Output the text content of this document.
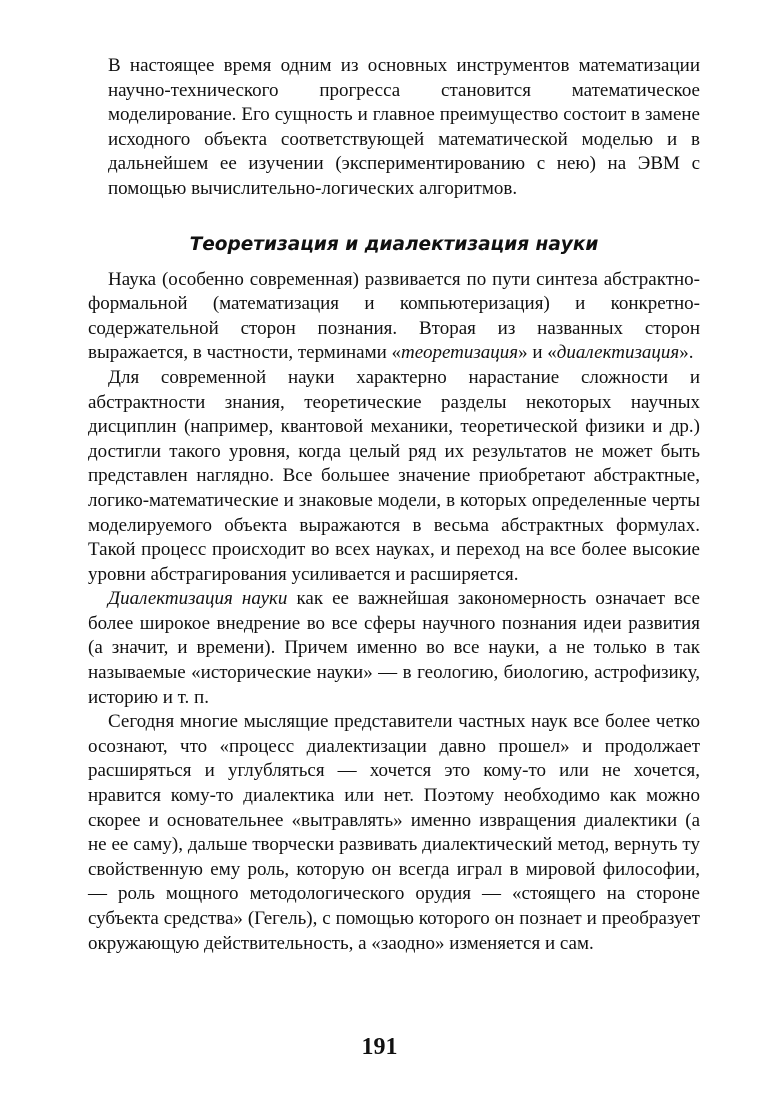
В настоящее время одним из основных инструментов математизации научно-технического прогресса становится математическое моделирование. Его сущность и главное преимущество состоит в замене исходного объекта соответствующей математической моделью и в дальнейшем ее изучении (экспериментированию с нею) на ЭВМ с помощью вычислительно-логических алгоритмов.

Теоретизация и диалектизация науки

Наука (особенно современная) развивается по пути синтеза абстрактно-формальной (математизация и компьютеризация) и конкретно-содержательной сторон познания. Вторая из названных сторон выражается, в частности, терминами «теоретизация» и «диалектизация».

Для современной науки характерно нарастание сложности и абстрактности знания, теоретические разделы некоторых научных дисциплин (например, квантовой механики, теоретической физики и др.) достигли такого уровня, когда целый ряд их результатов не может быть представлен наглядно. Все большее значение приобретают абстрактные, логико-математические и знаковые модели, в которых определенные черты моделируемого объекта выражаются в весьма абстрактных формулах. Такой процесс происходит во всех науках, и переход на все более высокие уровни абстрагирования усиливается и расширяется.

Диалектизация науки как ее важнейшая закономерность означает все более широкое внедрение во все сферы научного познания идеи развития (а значит, и времени). Причем именно во все науки, а не только в так называемые «исторические науки» — в геологию, биологию, астрофизику, историю и т. п.

Сегодня многие мыслящие представители частных наук все более четко осознают, что «процесс диалектизации давно прошел» и продолжает расширяться и углубляться — хочется это кому-то или не хочется, нравится кому-то диалектика или нет. Поэтому необходимо как можно скорее и основательнее «вытравлять» именно извращения диалектики (а не ее саму), дальше творчески развивать диалектический метод, вернуть ту свойственную ему роль, которую он всегда играл в мировой философии, — роль мощного методологического орудия — «стоящего на стороне субъекта средства» (Гегель), с помощью которого он познает и преобразует окружающую действительность, а «заодно» изменяется и сам.

191
